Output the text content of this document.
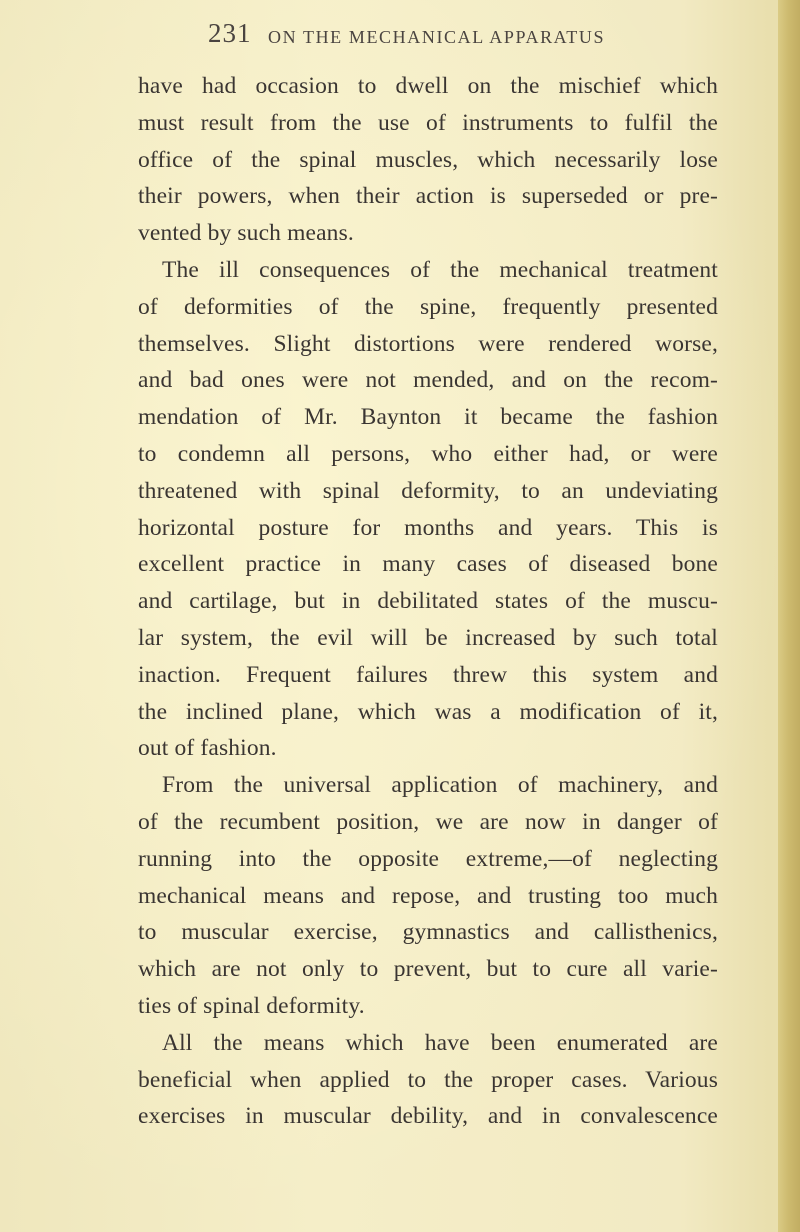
231 ON THE MECHANICAL APPARATUS
have had occasion to dwell on the mischief which
must result from the use of instruments to fulfil the
office of the spinal muscles, which necessarily lose
their powers, when their action is superseded or pre-
vented by such means.
The ill consequences of the mechanical treatment
of deformities of the spine, frequently presented
themselves. Slight distortions were rendered worse,
and bad ones were not mended, and on the recom-
mendation of Mr. Baynton it became the fashion
to condemn all persons, who either had, or were
threatened with spinal deformity, to an undeviating
horizontal posture for months and years. This is
excellent practice in many cases of diseased bone
and cartilage, but in debilitated states of the muscu-
lar system, the evil will be increased by such total
inaction. Frequent failures threw this system and
the inclined plane, which was a modification of it,
out of fashion.
From the universal application of machinery, and
of the recumbent position, we are now in danger of
running into the opposite extreme,—of neglecting
mechanical means and repose, and trusting too much
to muscular exercise, gymnastics and callisthenics,
which are not only to prevent, but to cure all varie-
ties of spinal deformity.
All the means which have been enumerated are
beneficial when applied to the proper cases. Various
exercises in muscular debility, and in convalescence
